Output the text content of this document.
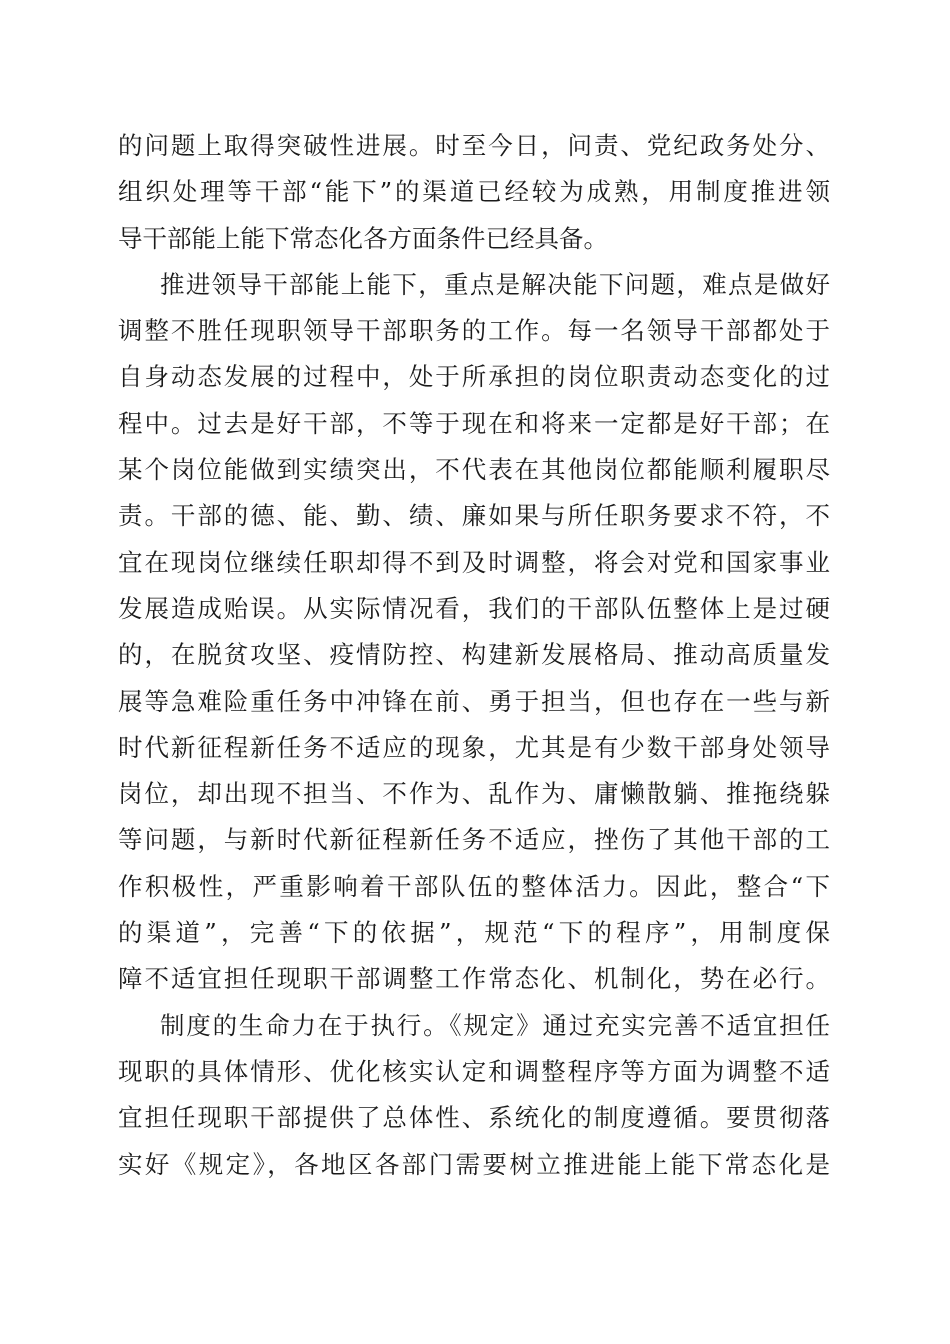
的问题上取得突破性进展。时至今日，问责、党纪政务处分、
组织处理等干部“能下”的渠道已经较为成熟，用制度推进领
导干部能上能下常态化各方面条件已经具备。
推进领导干部能上能下，重点是解决能下问题，难点是做好
调整不胜任现职领导干部职务的工作。每一名领导干部都处于
自身动态发展的过程中，处于所承担的岗位职责动态变化的过
程中。过去是好干部，不等于现在和将来一定都是好干部；在
某个岗位能做到实绩突出，不代表在其他岗位都能顺利履职尽
责。干部的德、能、勤、绩、廉如果与所任职务要求不符，不
宜在现岗位继续任职却得不到及时调整，将会对党和国家事业
发展造成贻误。从实际情况看，我们的干部队伍整体上是过硬
的，在脱贫攻坚、疫情防控、构建新发展格局、推动高质量发
展等急难险重任务中冲锋在前、勇于担当，但也存在一些与新
时代新征程新任务不适应的现象，尤其是有少数干部身处领导
岗位，却出现不担当、不作为、乱作为、庸懒散躺、推拖绕躲
等问题，与新时代新征程新任务不适应，挫伤了其他干部的工
作积极性，严重影响着干部队伍的整体活力。因此，整合“下
的渠道”，完善“下的依据”，规范“下的程序”，用制度保
障不适宜担任现职干部调整工作常态化、机制化，势在必行。
制度的生命力在于执行。《规定》通过充实完善不适宜担任
现职的具体情形、优化核实认定和调整程序等方面为调整不适
宜担任现职干部提供了总体性、系统化的制度遵循。要贯彻落
实好《规定》，各地区各部门需要树立推进能上能下常态化是
